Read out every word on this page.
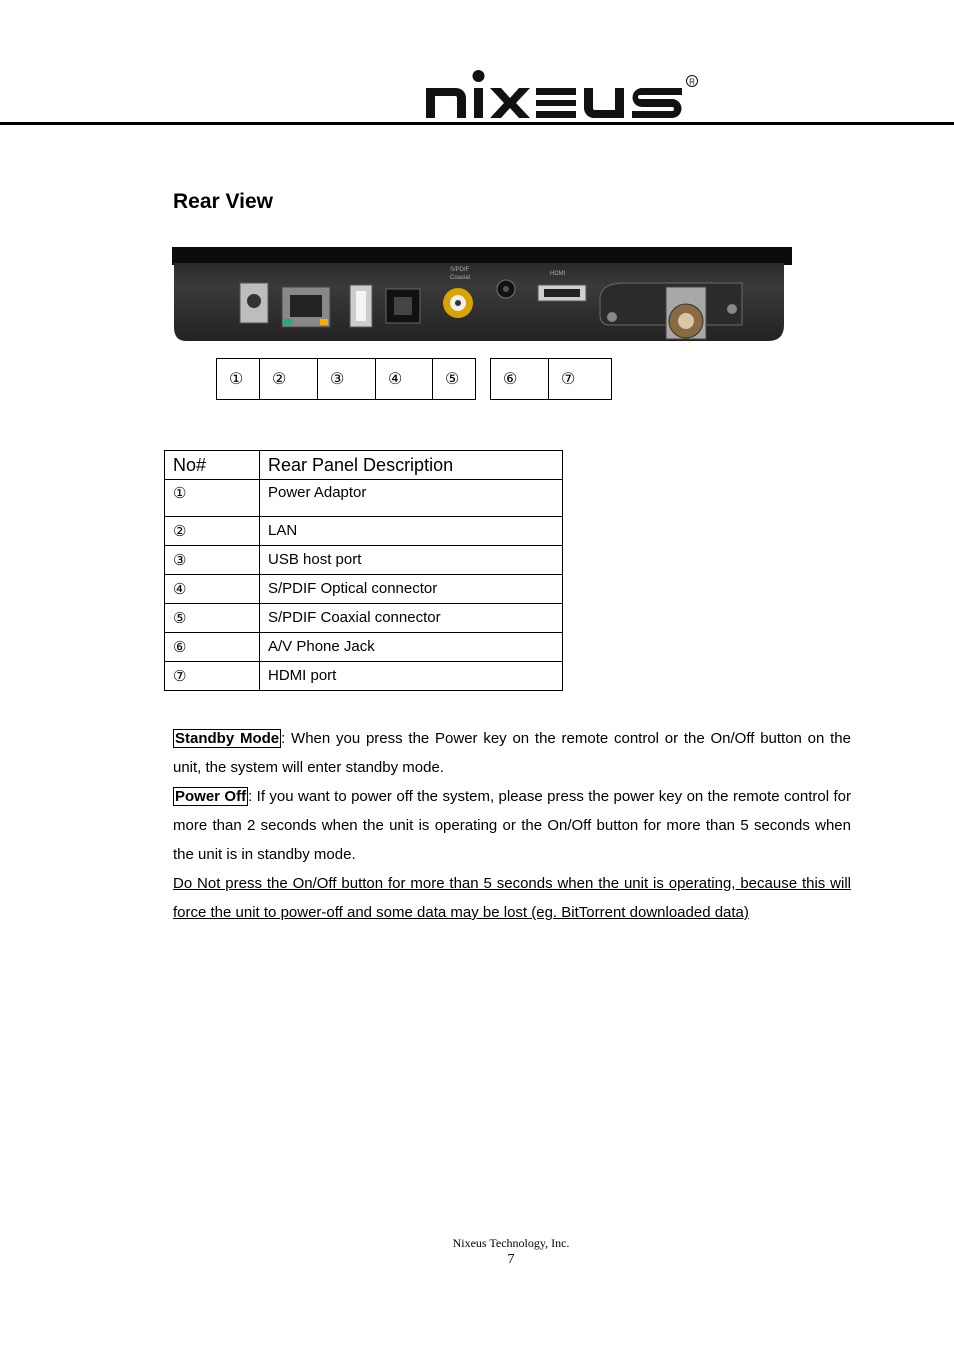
R
Rear View
S/PDIF
Coaxial
HDMI
① ②	③	④	⑤	⑥	⑦
No#	Rear Panel Description
①	Power Adaptor
②	LAN
③	USB host port
④	S/PDIF Optical connector
⑤	S/PDIF Coaxial connector
⑥	A/V Phone Jack
⑦	HDMI port

Standby Mode : When you press the Power key on the remote control or the On/Off button on the unit, the system will enter standby mode.

Power Off : If you want to power off the system, please press the power key on the remote control for more than 2 seconds when the unit is operating or the On/Off button for more than 5 seconds when the unit is in standby mode.

Do Not press the On/Off button for more than 5 seconds when the unit is operating, because this will force the unit to power-off and some data may be lost (eg. BitTorrent downloaded data)

Nixeus Technology, Inc.
7
